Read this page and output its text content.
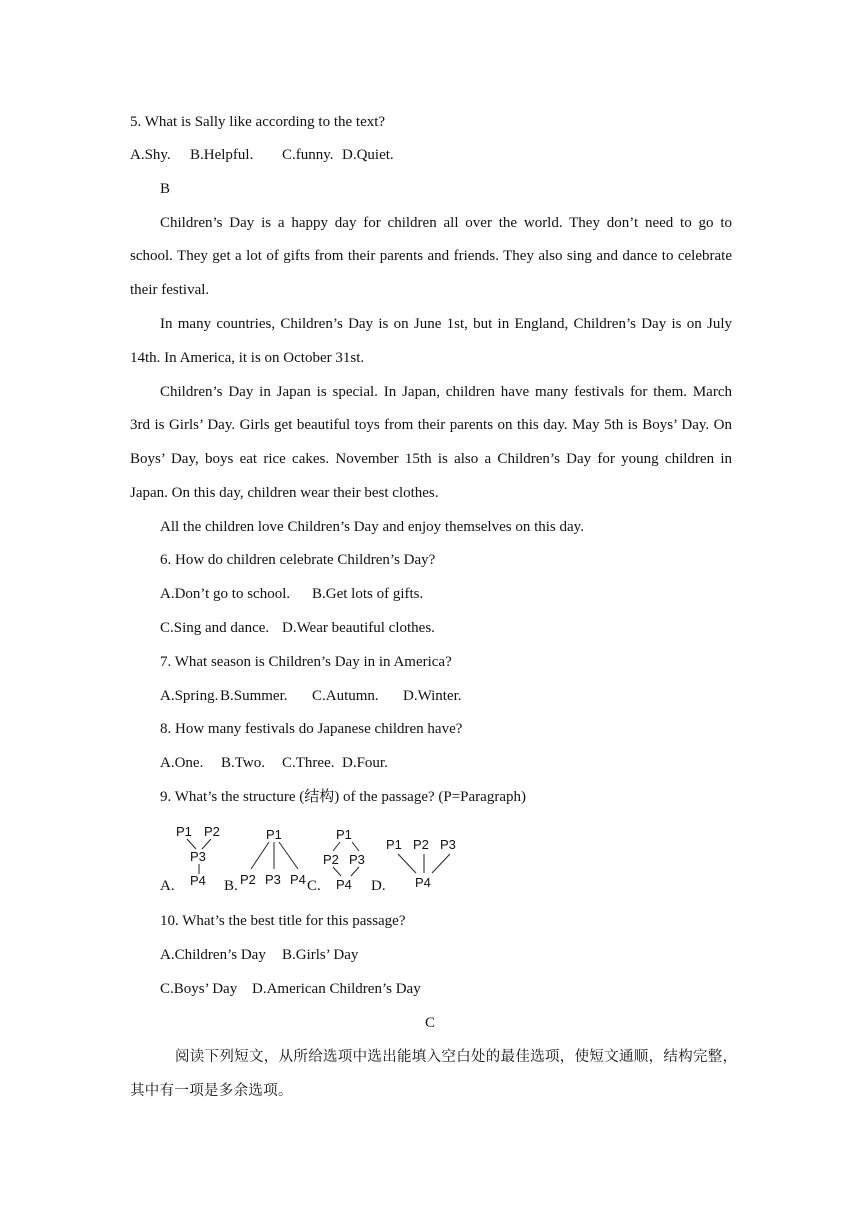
5. What is Sally like according to the text?
A.Shy. B.Helpful. C.funny. D.Quiet.
B
Children’s Day is a happy day for children all over the world. They don’t need to go to
school. They get a lot of gifts from their parents and friends. They also sing and dance to celebrate
their festival.
In many countries, Children’s Day is on June 1st, but in England, Children’s Day is on July
14th. In America, it is on October 31st.
Children’s Day in Japan is special. In Japan, children have many festivals for them. March
3rd is Girls’ Day. Girls get beautiful toys from their parents on this day. May 5th is Boys’ Day. On
Boys’ Day, boys eat rice cakes. November 15th is also a Children’s Day for young children in
Japan. On this day, children wear their best clothes.
All the children love Children’s Day and enjoy themselves on this day.
6. How do children celebrate Children’s Day?
A.Don’t go to school. B.Get lots of gifts.
C.Sing and dance. D.Wear beautiful clothes.
7. What season is Children’s Day in in America?
A.Spring. B.Summer. C.Autumn. D.Winter.
8. How many festivals do Japanese children have?
A.One. B.Two. C.Three. D.Four.
9. What’s the structure (结构) of the passage? (P=Paragraph)
A.	B.	C.	D.
P1 P2
P3
P4
P1
P2 P3 P4
P1
P2 P3
P4
P1 P2 P3
P4
10. What’s the best title for this passage?
A.Children’s Day B.Girls’ Day
C.Boys’ Day D.American Children’s Day
C
阅读下列短文，从所给选项中选出能填入空白处的最佳选项，使短文通顺，结构完整，
其中有一项是多余选项。
